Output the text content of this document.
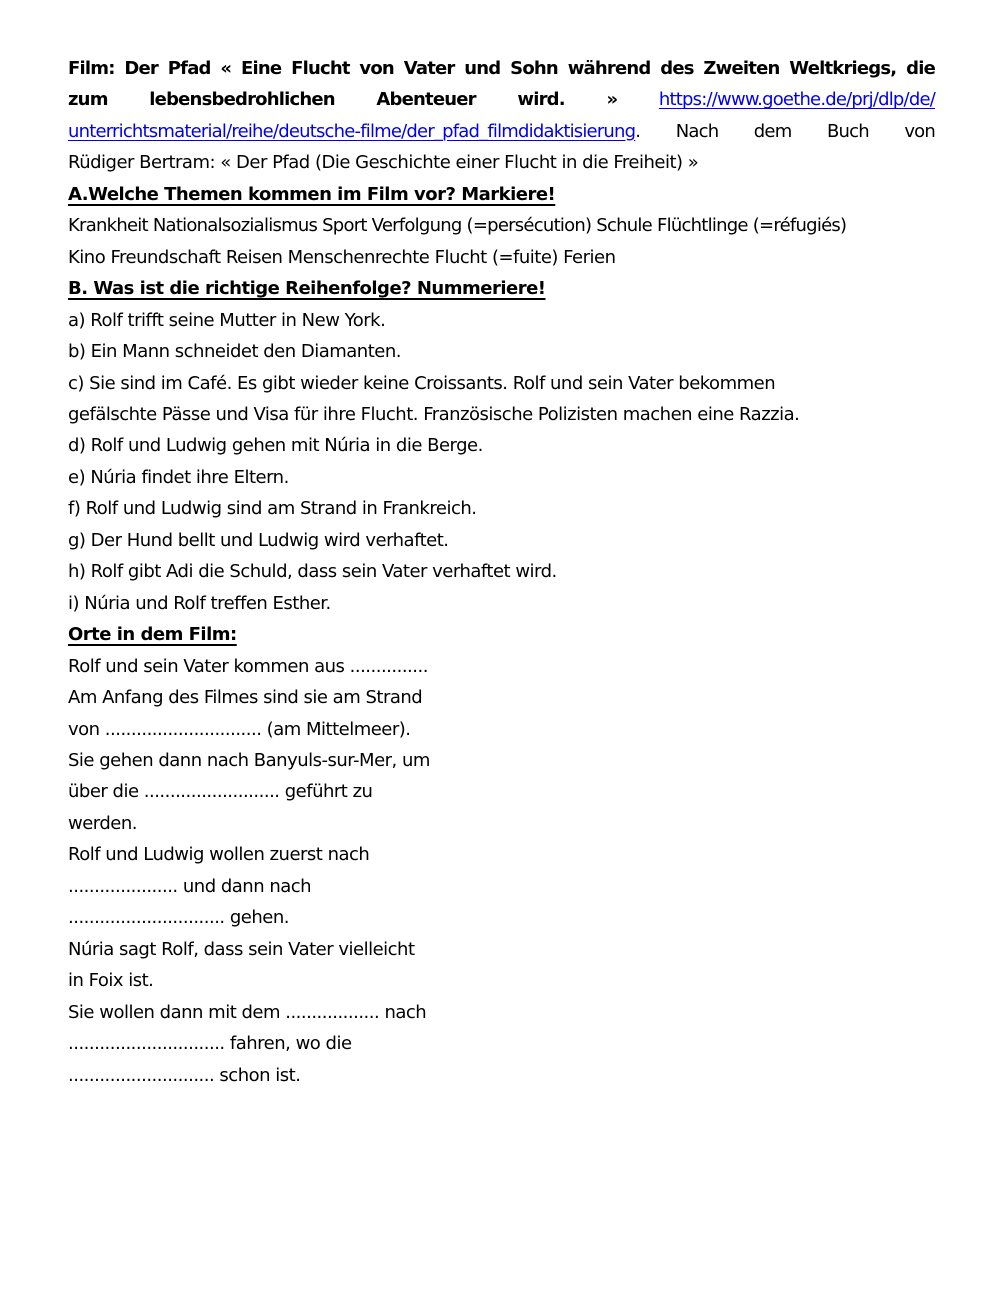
Film: Der Pfad « Eine Flucht von Vater und Sohn während des Zweiten Weltkriegs, die
zum lebensbedrohlichen Abenteuer wird. » https://www.goethe.de/prj/dlp/de/
unterrichtsmaterial/reihe/deutsche-filme/der_pfad_filmdidaktisierung. Nach dem Buch von
Rüdiger Bertram: « Der Pfad (Die Geschichte einer Flucht in die Freiheit) »
A.Welche Themen kommen im Film vor? Markiere!
Krankheit Nationalsozialismus Sport Verfolgung (=persécution) Schule Flüchtlinge (=réfugiés)
Kino Freundschaft Reisen Menschenrechte Flucht (=fuite) Ferien
B. Was ist die richtige Reihenfolge? Nummeriere!
a) Rolf trifft seine Mutter in New York.
b) Ein Mann schneidet den Diamanten.
c) Sie sind im Café. Es gibt wieder keine Croissants. Rolf und sein Vater bekommen
gefälschte Pässe und Visa für ihre Flucht. Französische Polizisten machen eine Razzia.
d) Rolf und Ludwig gehen mit Núria in die Berge.
e) Núria findet ihre Eltern.
f) Rolf und Ludwig sind am Strand in Frankreich.
g) Der Hund bellt und Ludwig wird verhaftet.
h) Rolf gibt Adi die Schuld, dass sein Vater verhaftet wird.
i) Núria und Rolf treffen Esther.
Orte in dem Film:
Rolf und sein Vater kommen aus ...............
Am Anfang des Filmes sind sie am Strand
von .............................. (am Mittelmeer).
Sie gehen dann nach Banyuls-sur-Mer, um
über die .......................... geführt zu
werden.
Rolf und Ludwig wollen zuerst nach
..................... und dann nach
.............................. gehen.
Núria sagt Rolf, dass sein Vater vielleicht
in Foix ist.
Sie wollen dann mit dem .................. nach
.............................. fahren, wo die
............................ schon ist.
